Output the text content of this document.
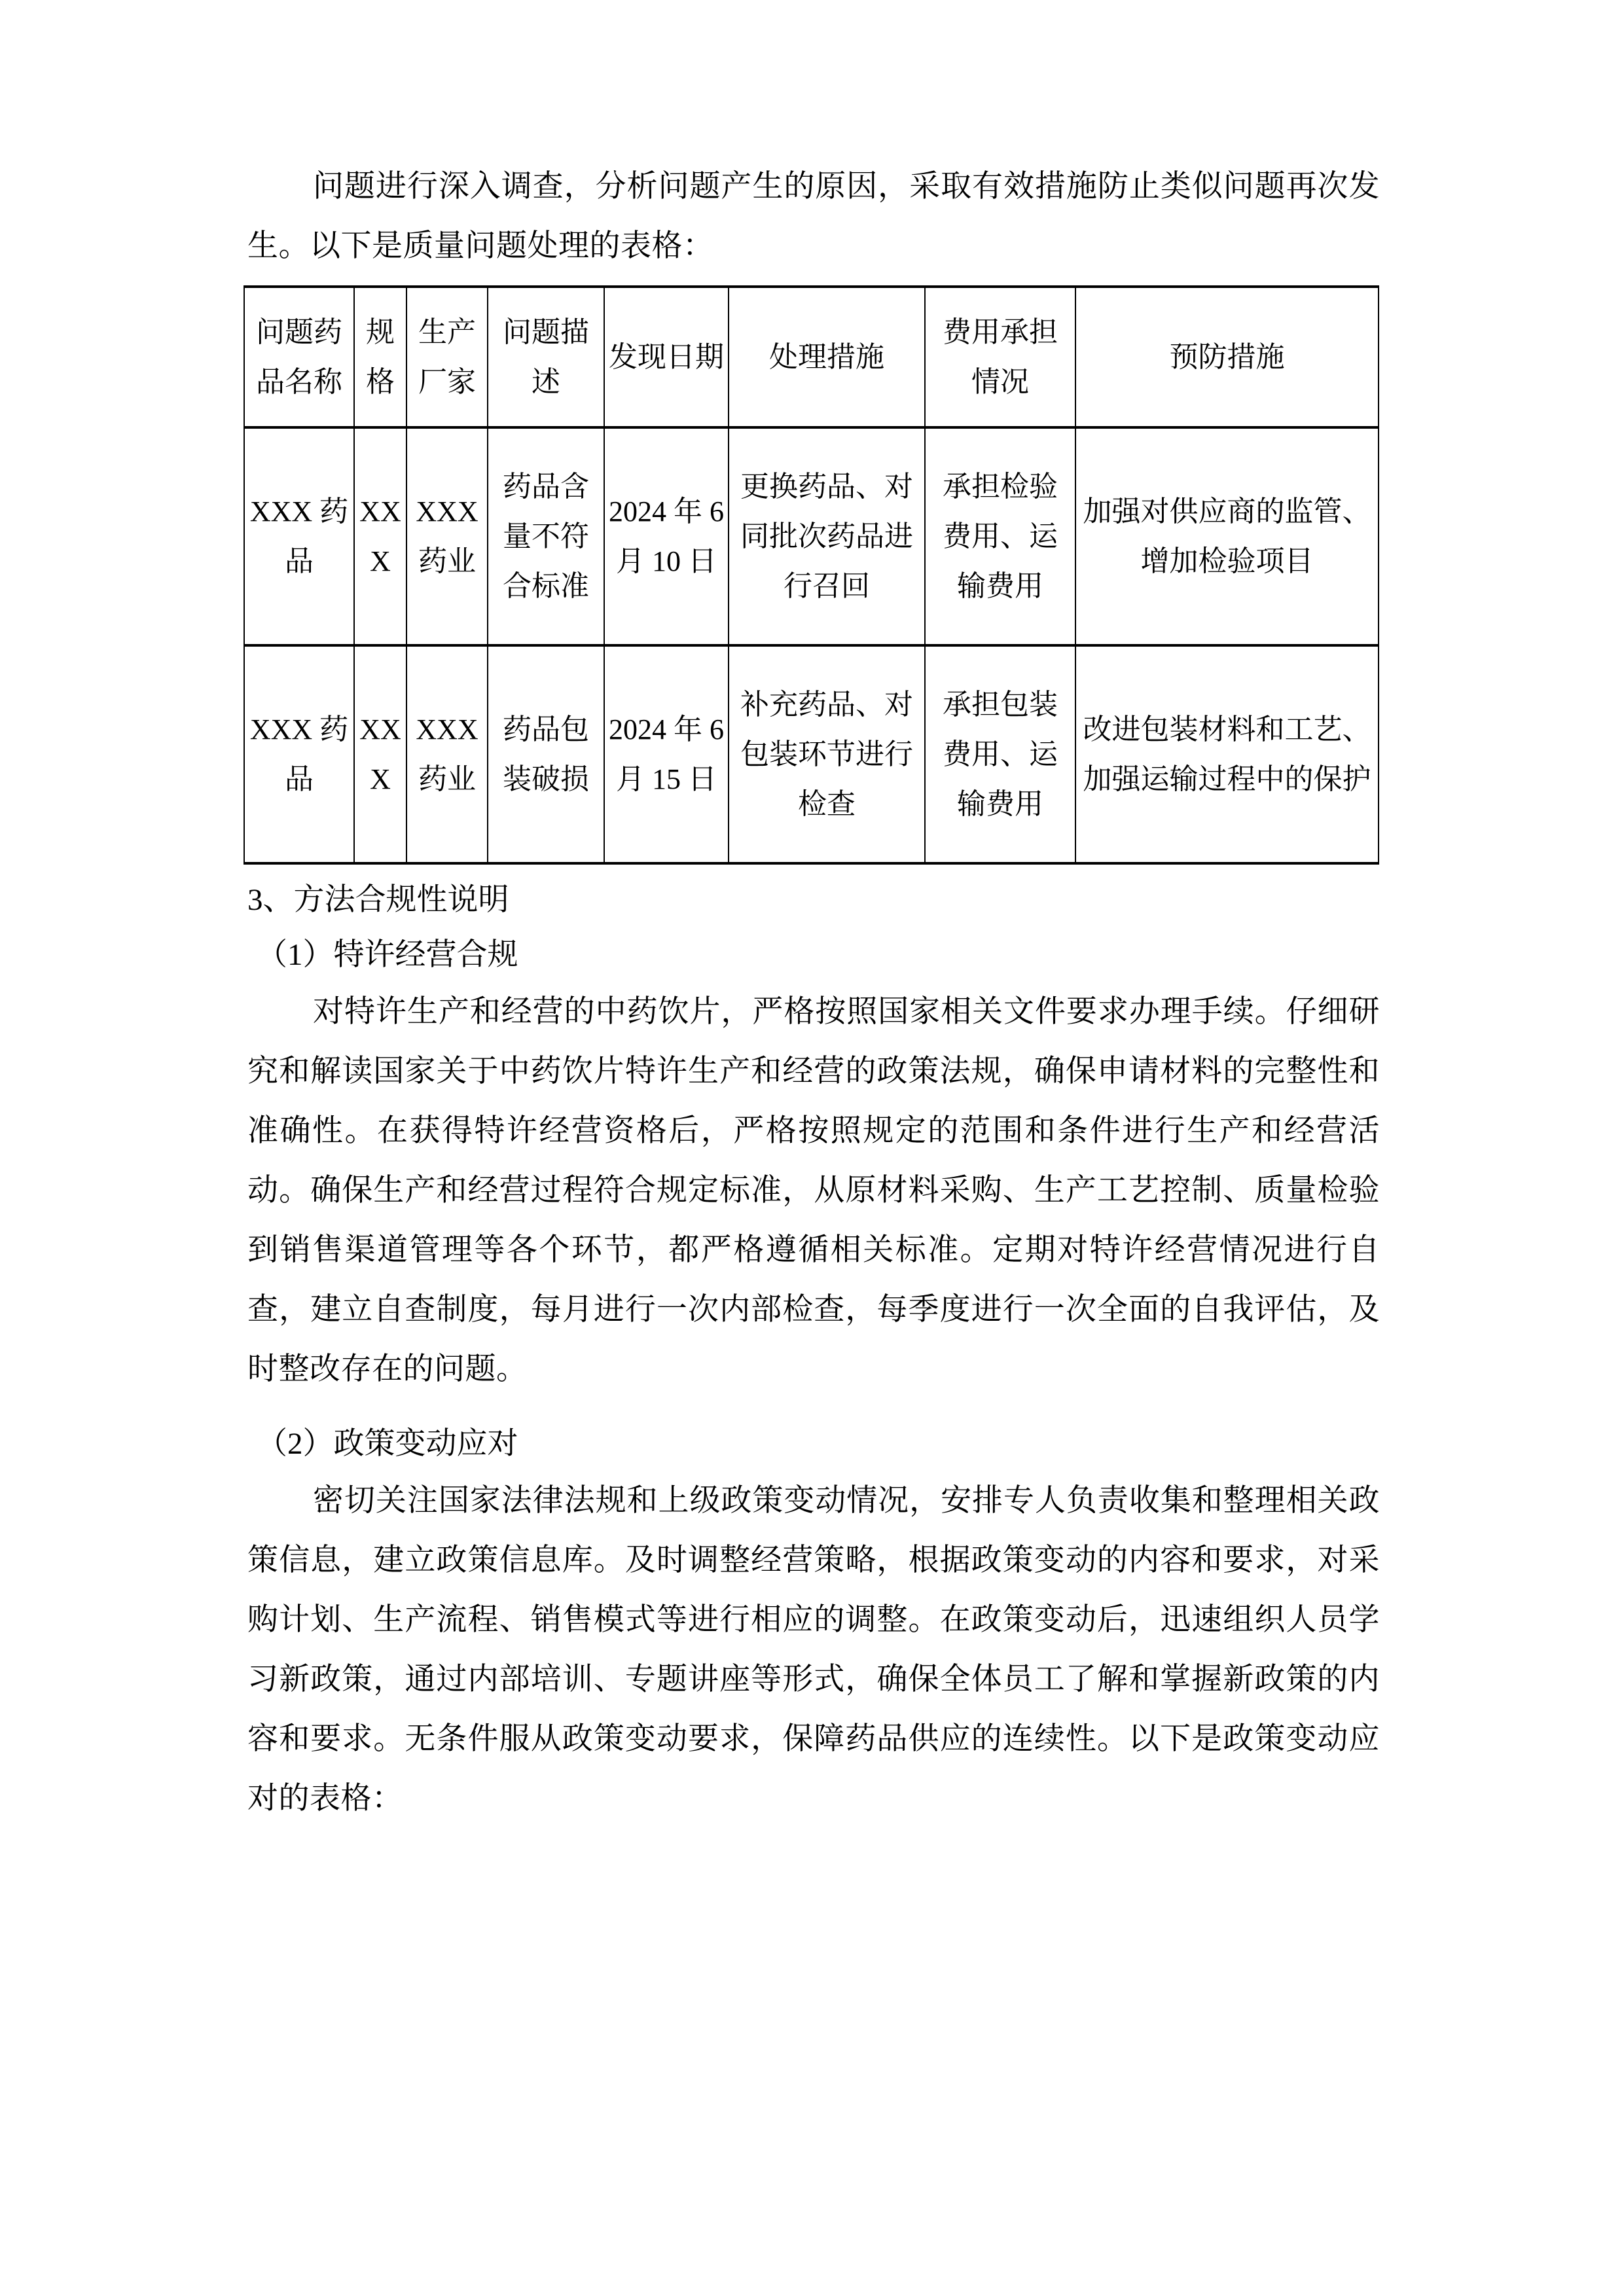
问题进行深入调查，分析问题产生的原因，采取有效措施防止类似问题再次发生。以下是质量问题处理的表格：

问题药品名称	规格	生产厂家	问题描述	发现日期	处理措施	费用承担情况	预防措施
XXX 药品	XXX	XXX 药业	药品含量不符合标准	2024 年 6 月 10 日	更换药品、对同批次药品进行召回	承担检验费用、运输费用	加强对供应商的监管、增加检验项目
XXX 药品	XXX	XXX 药业	药品包装破损	2024 年 6 月 15 日	补充药品、对包装环节进行检查	承担包装费用、运输费用	改进包装材料和工艺、加强运输过程中的保护

3、方法合规性说明

（1）特许经营合规

对特许生产和经营的中药饮片，严格按照国家相关文件要求办理手续。仔细研究和解读国家关于中药饮片特许生产和经营的政策法规，确保申请材料的完整性和准确性。在获得特许经营资格后，严格按照规定的范围和条件进行生产和经营活动。确保生产和经营过程符合规定标准，从原材料采购、生产工艺控制、质量检验到销售渠道管理等各个环节，都严格遵循相关标准。定期对特许经营情况进行自查，建立自查制度，每月进行一次内部检查，每季度进行一次全面的自我评估，及时整改存在的问题。

（2）政策变动应对

密切关注国家法律法规和上级政策变动情况，安排专人负责收集和整理相关政策信息，建立政策信息库。及时调整经营策略，根据政策变动的内容和要求，对采购计划、生产流程、销售模式等进行相应的调整。在政策变动后，迅速组织人员学习新政策，通过内部培训、专题讲座等形式，确保全体员工了解和掌握新政策的内容和要求。无条件服从政策变动要求，保障药品供应的连续性。以下是政策变动应对的表格：
